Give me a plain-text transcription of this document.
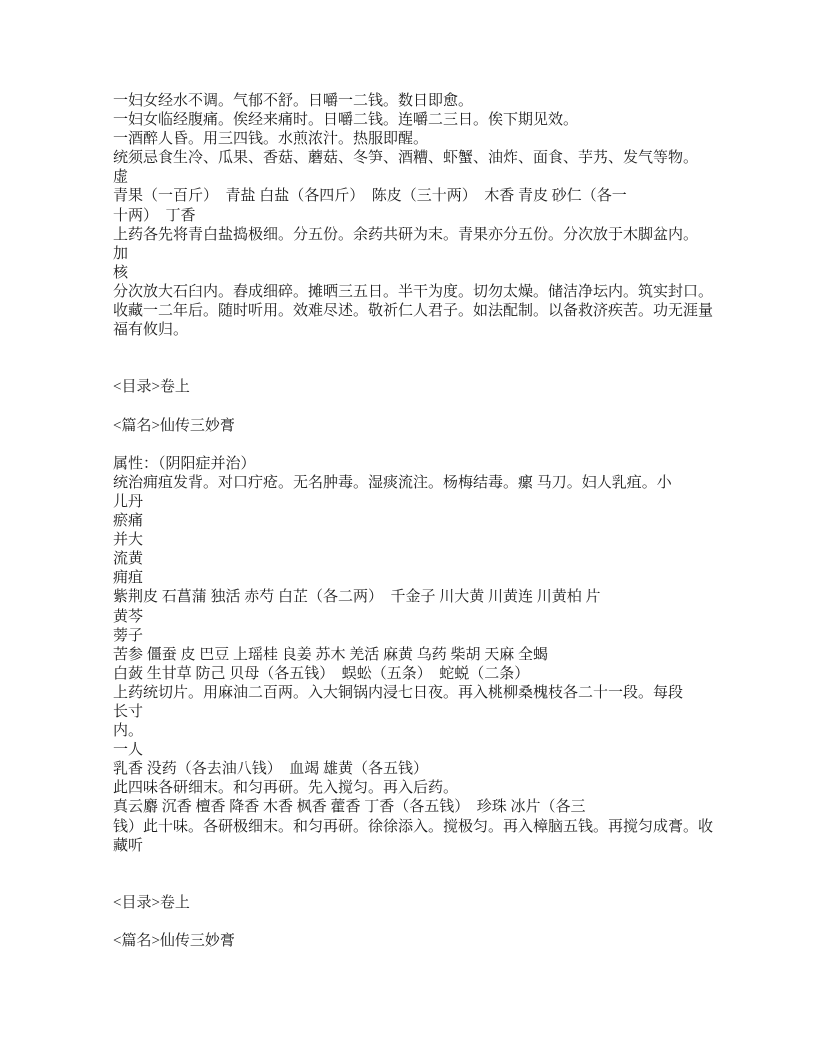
一妇女经水不调。气郁不舒。日嚼一二钱。数日即愈。
一妇女临经腹痛。俟经来痛时。日嚼二钱。连嚼二三日。俟下期见效。
一酒醉人昏。用三四钱。水煎浓汁。热服即醒。
统须忌食生冷、瓜果、香菇、蘑菇、冬笋、酒糟、虾蟹、油炸、面食、芋艿、发气等物。
虚
青果（一百斤）  青盐 白盐（各四斤）  陈皮（三十两）  木香 青皮 砂仁（各一
十两）  丁香
上药各先将青白盐捣极细。分五份。余药共研为末。青果亦分五份。分次放于木脚盆内。
加
核
分次放大石臼内。舂成细碎。摊晒三五日。半干为度。切勿太燥。储洁净坛内。筑实封口。
收藏一二年后。随时听用。效难尽述。敬祈仁人君子。如法配制。以备救济疾苦。功无涯量
福有攸归。

<目录>卷上

<篇名>仙传三妙膏

属性：（阴阳症并治）
统治痈疽发背。对口疔疮。无名肿毒。湿痰流注。杨梅结毒。瘰 马刀。妇人乳疽。小
儿丹
瘀痛
并大
流黄
痈疽
紫荆皮 石菖蒲 独活 赤芍 白芷（各二两）  千金子 川大黄 川黄连 川黄柏 片
黄芩
蒡子
苦参 僵蚕 皮 巴豆 上瑶桂 良姜 苏木 羌活 麻黄 乌药 柴胡 天麻 全蝎
白蔹 生甘草 防己 贝母（各五钱）  蜈蚣（五条）  蛇蜕（二条）
上药统切片。用麻油二百两。入大铜锅内浸七日夜。再入桃柳桑槐枝各二十一段。每段
长寸
内。
一人
乳香 没药（各去油八钱）  血竭 雄黄（各五钱）
此四味各研细末。和匀再研。先入搅匀。再入后药。
真云麝 沉香 檀香 降香 木香 枫香 藿香 丁香（各五钱）  珍珠 冰片（各三
钱）此十味。各研极细末。和匀再研。徐徐添入。搅极匀。再入樟脑五钱。再搅匀成膏。收
藏听

<目录>卷上

<篇名>仙传三妙膏
